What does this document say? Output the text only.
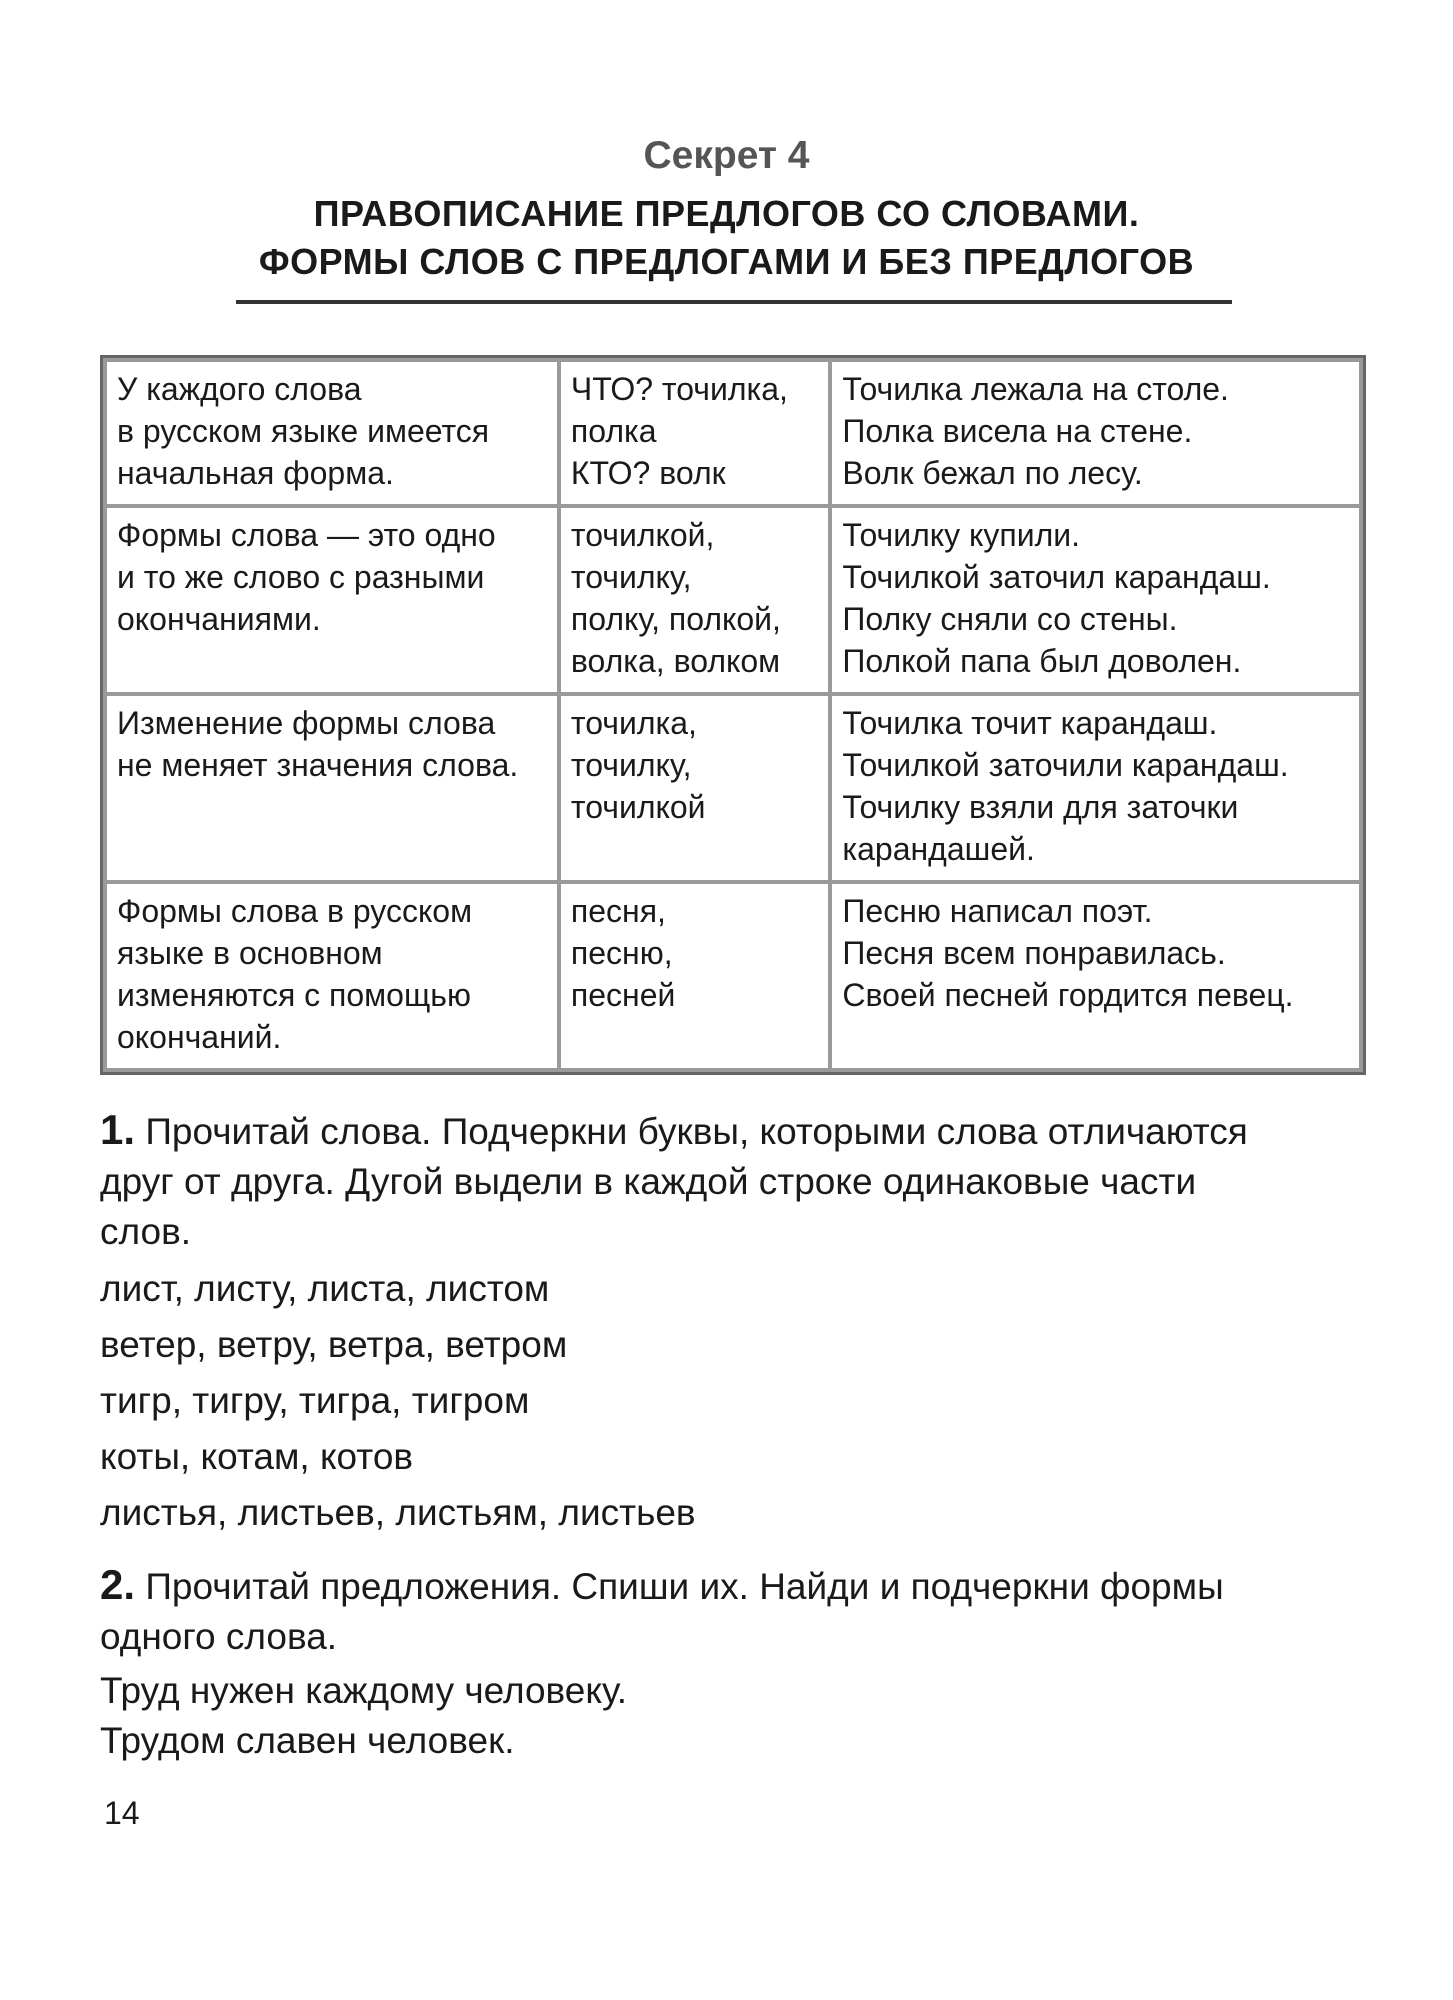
Секрет 4
ПРАВОПИСАНИЕ ПРЕДЛОГОВ СО СЛОВАМИ.
ФОРМЫ СЛОВ С ПРЕДЛОГАМИ И БЕЗ ПРЕДЛОГОВ
У каждого слова
в русском языке имеется
начальная форма.	ЧТО? точилка,
полка
КТО? волк	Точилка лежала на столе.
Полка висела на стене.
Волк бежал по лесу.

Формы слова — это одно
и то же слово с разными
окончаниями.	точилкой,
точилку,
полку, полкой,
волка, волком	Точилку купили.
Точилкой заточил карандаш.
Полку сняли со стены.
Полкой папа был доволен.

Изменение формы слова
не меняет значения слова.	точилка,
точилку,
точилкой	Точилка точит карандаш.
Точилкой заточили карандаш.
Точилку взяли для заточки
карандашей.

Формы слова в русском
языке в основном
изменяются с помощью
окончаний.	песня,
песню,
песней	Песню написал поэт.
Песня всем понравилась.
Своей песней гордится певец.
1. Прочитай слова. Подчеркни буквы, которыми слова отличаются
друг от друга. Дугой выдели в каждой строке одинаковые части
слов.
лист, листу, листа, листом
ветер, ветру, ветра, ветром
тигр, тигру, тигра, тигром
коты, котам, котов
листья, листьев, листьям, листьев
2. Прочитай предложения. Спиши их. Найди и подчеркни формы
одного слова.
Труд нужен каждому человеку.
Трудом славен человек.
14
